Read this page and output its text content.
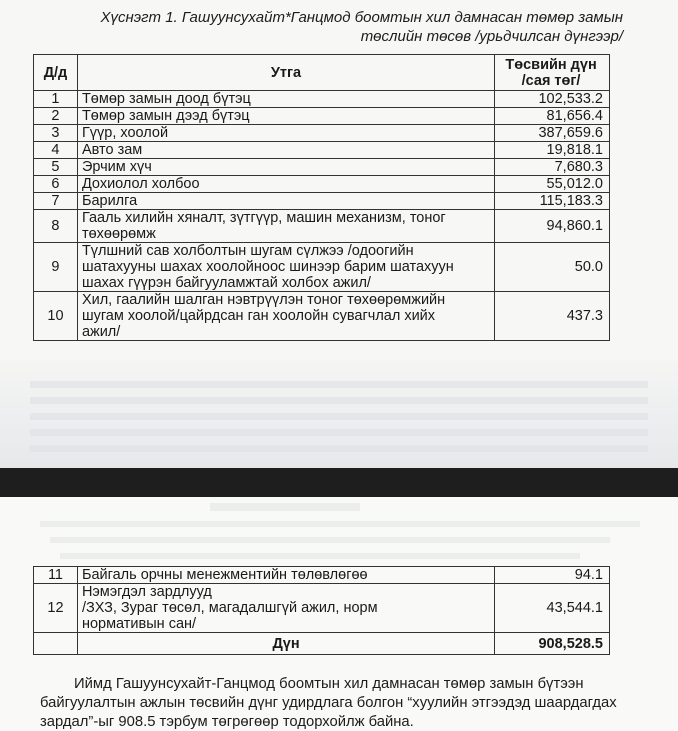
Хүснэгт 1. Гашуунсухайт*Ганцмод боомтын хил дамнасан төмөр замын
төслийн төсөв /урьдчилсан дүнгээр/
Д/д	Утга	Төсвийн дүн
/сая төг/

1	Төмөр замын доод бүтэц	102,533.2
2	Төмөр замын дээд бүтэц	81,656.4
3	Гүүр, хоолой	387,659.6
4	Авто зам	19,818.1
5	Эрчим хүч	7,680.3
6	Дохиолол холбоо	55,012.0
7	Барилга	115,183.3
8	Гааль хилийн хяналт, зүтгүүр, машин механизм, тоног
төхөөрөмж	94,860.1
9	Түлшний сав холболтын шугам сүлжээ /одоогийн
шатахууны шахах хоолойноос шинээр барим шатахуун
шахах гүүрэн байгууламжтай холбох ажил/	50.0
10	Хил, гаалийн шалган нэвтрүүлэн тоног төхөөрөмжийн
шугам хоолой/цайрдсан ган хоолойн сувагчлал хийх
ажил/	437.3
11	Байгаль орчны менежментийн төлөвлөгөө	94.1
12	Нэмэгдэл зардлууд
/ЗХЗ, Зураг төсөл, магадалшгүй ажил, норм
нормативын сан/	43,544.1
	Дүн	908,528.5
Иймд Гашуунсухайт-Ганцмод боомтын хил дамнасан төмөр замын бүтээн
байгуулалтын ажлын төсвийн дүнг удирдлага болгон “хуулийн этгээдэд шаардагдах
зардал”-ыг 908.5 тэрбум төгрөгөөр тодорхойлж байна.
